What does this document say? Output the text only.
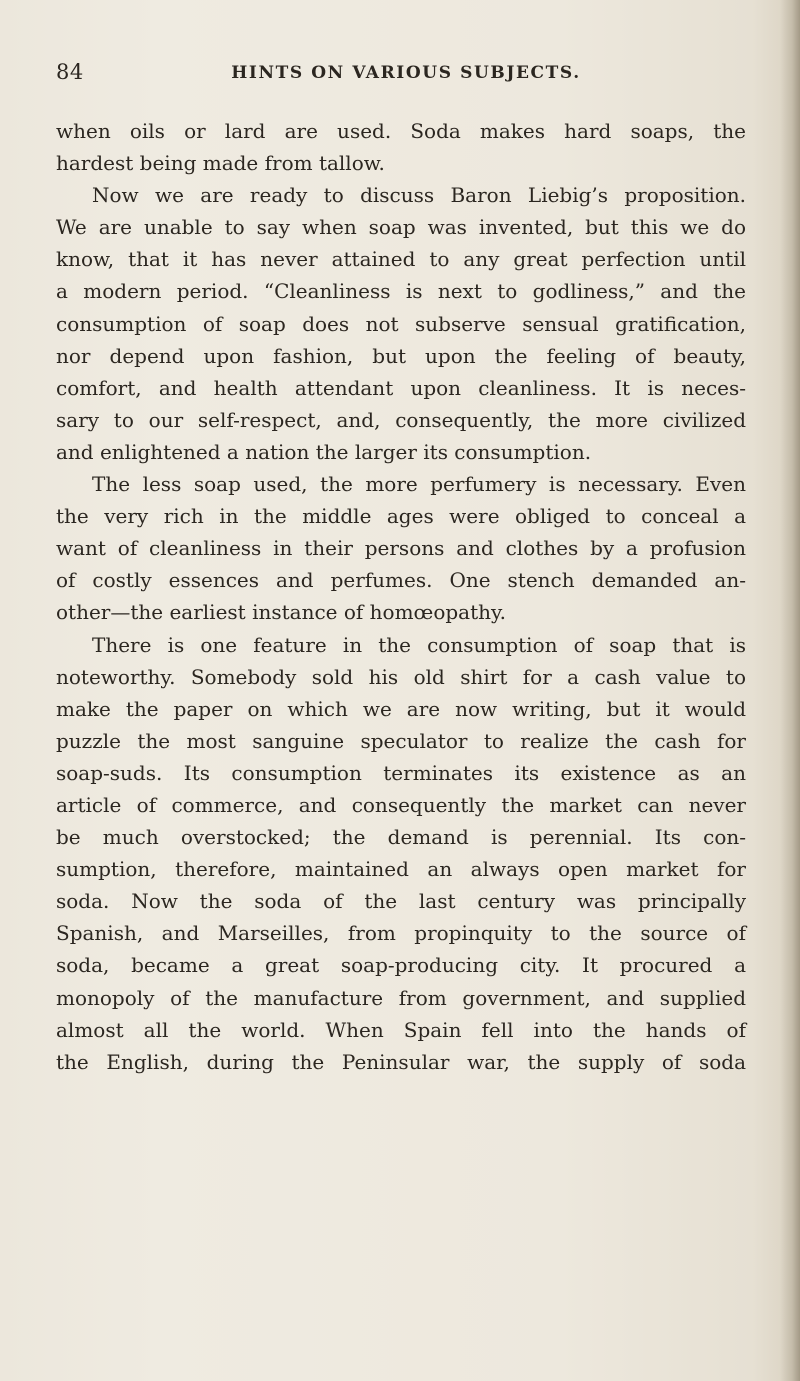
84	HINTS ON VARIOUS SUBJECTS.
when oils or lard are used. Soda makes hard soaps, the
hardest being made from tallow.
Now we are ready to discuss Baron Liebig’s proposition.
We are unable to say when soap was invented, but this we do
know, that it has never attained to any great perfection until
a modern period. “Cleanliness is next to godliness,” and the
consumption of soap does not subserve sensual gratification,
nor depend upon fashion, but upon the feeling of beauty,
comfort, and health attendant upon cleanliness. It is neces-
sary to our self-respect, and, consequently, the more civilized
and enlightened a nation the larger its consumption.
The less soap used, the more perfumery is necessary. Even
the very rich in the middle ages were obliged to conceal a
want of cleanliness in their persons and clothes by a profusion
of costly essences and perfumes. One stench demanded an-
other—the earliest instance of homœopathy.
There is one feature in the consumption of soap that is
noteworthy. Somebody sold his old shirt for a cash value to
make the paper on which we are now writing, but it would
puzzle the most sanguine speculator to realize the cash for
soap-suds. Its consumption terminates its existence as an
article of commerce, and consequently the market can never
be much overstocked; the demand is perennial. Its con-
sumption, therefore, maintained an always open market for
soda. Now the soda of the last century was principally
Spanish, and Marseilles, from propinquity to the source of
soda, became a great soap-producing city. It procured a
monopoly of the manufacture from government, and supplied
almost all the world. When Spain fell into the hands of
the English, during the Peninsular war, the supply of soda
